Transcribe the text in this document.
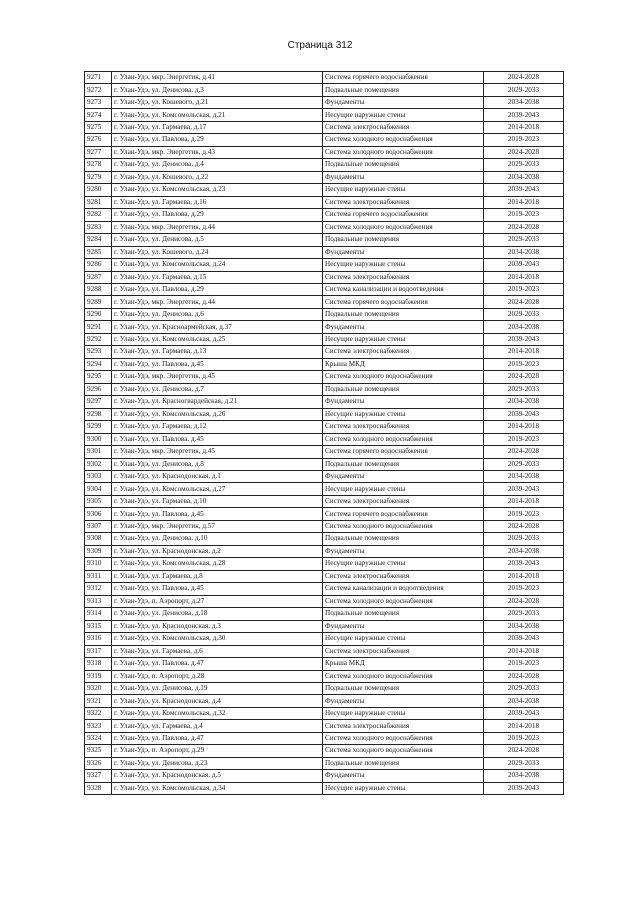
Страница 312
9271	г. Улан-Удэ, мкр. Энергетик, д.41	Система горячего водоснабжения	2024-2028
9272	г. Улан-Удэ, ул. Денисова, д.3	Подвальные помещения	2029-2033
9273	г. Улан-Удэ, ул. Кошевого, д.21	Фундаменты	2034-2038
9274	г. Улан-Удэ, ул. Комсомольская, д.21	Несущие наружные стены	2039-2043
9275	г. Улан-Удэ, ул. Гармаева, д.17	Система электроснабжения	2014-2018
9276	г. Улан-Удэ, ул. Павлова, д.29	Система холодного водоснабжения	2019-2023
9277	г. Улан-Удэ, мкр. Энергетик, д.43	Система холодного водоснабжения	2024-2028
9278	г. Улан-Удэ, ул. Денисова, д.4	Подвальные помещения	2029-2033
9279	г. Улан-Удэ, ул. Кошевого, д.22	Фундаменты	2034-2038
9280	г. Улан-Удэ, ул. Комсомольская, д.23	Несущие наружные стены	2039-2043
9281	г. Улан-Удэ, ул. Гармаева, д.16	Система электроснабжения	2014-2018
9282	г. Улан-Удэ, ул. Павлова, д.29	Система горячего водоснабжения	2019-2023
9283	г. Улан-Удэ, мкр. Энергетик, д.44	Система холодного водоснабжения	2024-2028
9284	г. Улан-Удэ, ул. Денисова, д.5	Подвальные помещения	2029-2033
9285	г. Улан-Удэ, ул. Кошевого, д.24	Фундаменты	2034-2038
9286	г. Улан-Удэ, ул. Комсомольская, д.24	Несущие наружные стены	2039-2043
9287	г. Улан-Удэ, ул. Гармаева, д.15	Система электроснабжения	2014-2018
9288	г. Улан-Удэ, ул. Павлова, д.29	Система канализации и водоотведения	2019-2023
9289	г. Улан-Удэ, мкр. Энергетик, д.44	Система горячего водоснабжения	2024-2028
9290	г. Улан-Удэ, ул. Денисова, д.6	Подвальные помещения	2029-2033
9291	г. Улан-Удэ, ул. Красноармейская, д.37	Фундаменты	2034-2038
9292	г. Улан-Удэ, ул. Комсомольская, д.25	Несущие наружные стены	2039-2043
9293	г. Улан-Удэ, ул. Гармаева, д.13	Система электроснабжения	2014-2018
9294	г. Улан-Удэ, ул. Павлова, д.45	Крыша МКД	2019-2023
9295	г. Улан-Удэ, мкр. Энергетик, д.45	Система холодного водоснабжения	2024-2028
9296	г. Улан-Удэ, ул. Денисова, д.7	Подвальные помещения	2029-2033
9297	г. Улан-Удэ, ул. Красногвардейская, д.21	Фундаменты	2034-2038
9298	г. Улан-Удэ, ул. Комсомольская, д.26	Несущие наружные стены	2039-2043
9299	г. Улан-Удэ, ул. Гармаева, д.12	Система электроснабжения	2014-2018
9300	г. Улан-Удэ, ул. Павлова, д.45	Система холодного водоснабжения	2019-2023
9301	г. Улан-Удэ, мкр. Энергетик, д.45	Система горячего водоснабжения	2024-2028
9302	г. Улан-Удэ, ул. Денисова, д.8	Подвальные помещения	2029-2033
9303	г. Улан-Удэ, ул. Краснодонская, д.1	Фундаменты	2034-2038
9304	г. Улан-Удэ, ул. Комсомольская, д.27	Несущие наружные стены	2039-2043
9305	г. Улан-Удэ, ул. Гармаева, д.10	Система электроснабжения	2014-2018
9306	г. Улан-Удэ, ул. Павлова, д.45	Система горячего водоснабжения	2019-2023
9307	г. Улан-Удэ, мкр. Энергетик, д.57	Система холодного водоснабжения	2024-2028
9308	г. Улан-Удэ, ул. Денисова, д.10	Подвальные помещения	2029-2033
9309	г. Улан-Удэ, ул. Краснодонская, д.2	Фундаменты	2034-2038
9310	г. Улан-Удэ, ул. Комсомольская, д.28	Несущие наружные стены	2039-2043
9311	г. Улан-Удэ, ул. Гармаева, д.8	Система электроснабжения	2014-2018
9312	г. Улан-Удэ, ул. Павлова, д.45	Система канализации и водоотведения	2019-2023
9313	г. Улан-Удэ, п. Аэропорт, д.27	Система холодного водоснабжения	2024-2028
9314	г. Улан-Удэ, ул. Денисова, д.18	Подвальные помещения	2029-2033
9315	г. Улан-Удэ, ул. Краснодонская, д.3	Фундаменты	2034-2038
9316	г. Улан-Удэ, ул. Комсомольская, д.30	Несущие наружные стены	2039-2043
9317	г. Улан-Удэ, ул. Гармаева, д.6	Система электроснабжения	2014-2018
9318	г. Улан-Удэ, ул. Павлова, д.47	Крыша МКД	2019-2023
9319	г. Улан-Удэ, п. Аэропорт, д.28	Система холодного водоснабжения	2024-2028
9320	г. Улан-Удэ, ул. Денисова, д.19	Подвальные помещения	2029-2033
9321	г. Улан-Удэ, ул. Краснодонская, д.4	Фундаменты	2034-2038
9322	г. Улан-Удэ, ул. Комсомольская, д.32	Несущие наружные стены	2039-2043
9323	г. Улан-Удэ, ул. Гармаева, д.4	Система электроснабжения	2014-2018
9324	г. Улан-Удэ, ул. Павлова, д.47	Система холодного водоснабжения	2019-2023
9325	г. Улан-Удэ, п. Аэропорт, д.29	Система холодного водоснабжения	2024-2028
9326	г. Улан-Удэ, ул. Денисова, д.23	Подвальные помещения	2029-2033
9327	г. Улан-Удэ, ул. Краснодонская, д.5	Фундаменты	2034-2038
9328	г. Улан-Удэ, ул. Комсомольская, д.34	Несущие наружные стены	2039-2043
